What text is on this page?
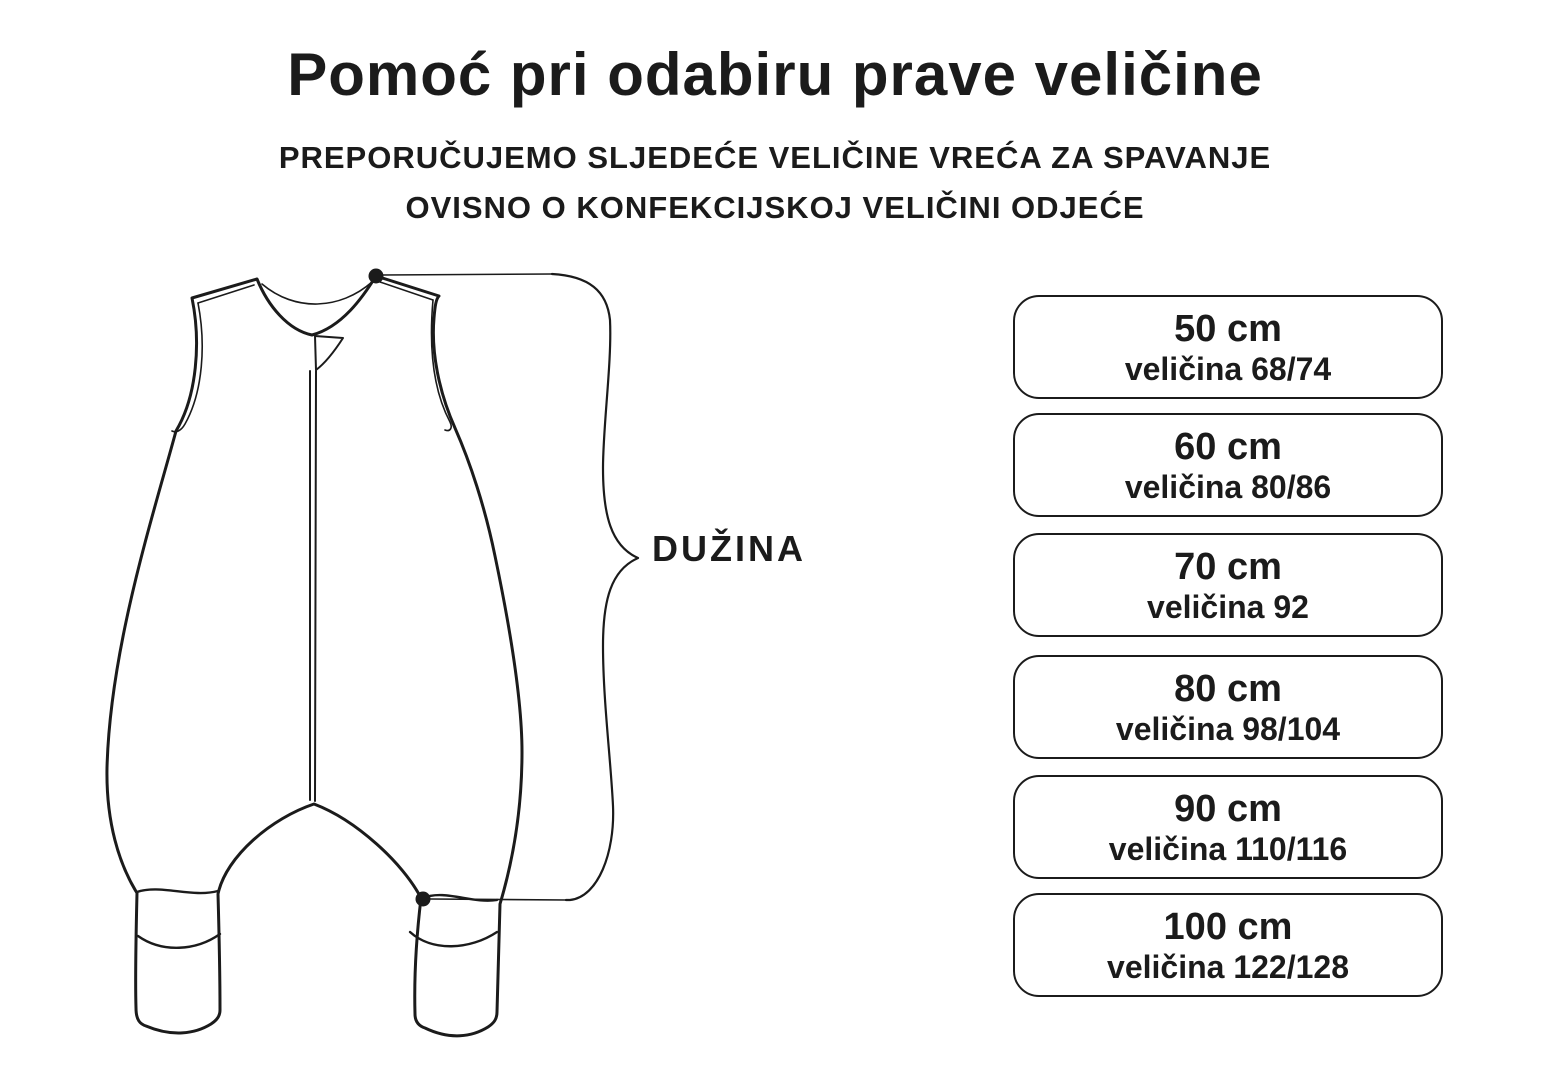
Pomoć pri odabiru prave veličine

PREPORUČUJEMO SLJEDEĆE VELIČINE VREĆA ZA SPAVANJE

OVISNO O KONFEKCIJSKOJ VELIČINI ODJEĆE

DUŽINA
50 cm
veličina 68/74
60 cm
veličina 80/86
70 cm
veličina 92
80 cm
veličina 98/104
90 cm
veličina 110/116
100 cm
veličina 122/128
